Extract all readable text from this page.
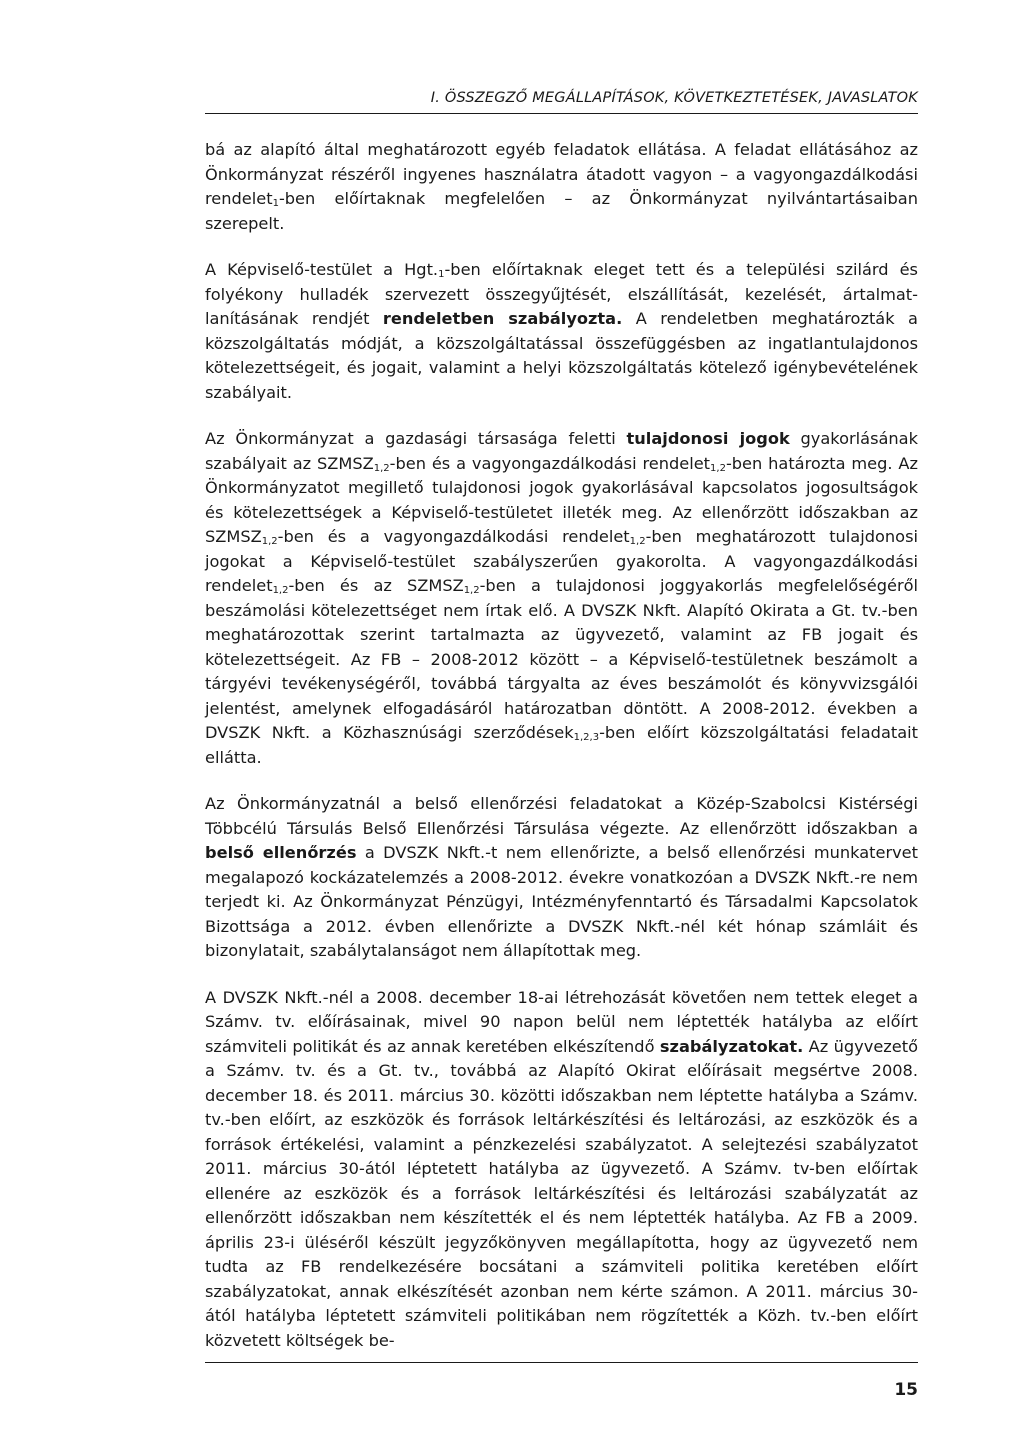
I. ÖSSZEGZŐ MEGÁLLAPÍTÁSOK, KÖVETKEZTETÉSEK, JAVASLATOK

bá az alapító által meghatározott egyéb feladatok ellátása. A feladat ellátásához az Önkormányzat részéről ingyenes használatra átadott vagyon – a vagyongazdálkodási rendelet$_1$-ben előírtaknak megfelelően – az Önkormányzat nyilvántartásaiban szerepelt.

A Képviselő-testület a $Hgt._1$-ben előírtaknak eleget tett és a települési szilárd és folyékony hulladék szervezett összegyűjtését, elszállítását, kezelését, ártalmatlanításának rendjét rendeletben szabályozta. A rendeletben meghatározták a közszolgáltatás módját, a közszolgáltatással összefüggésben az ingatlantulajdonos kötelezettségeit, és jogait, valamint a helyi közszolgáltatás kötelező igénybevételének szabályait.

Az Önkormányzat a gazdasági társasága feletti tulajdonosi jogok gyakorlásának szabályait az $SZMSZ_{1,2}$-ben és a vagyongazdálkodási rendelet$_{1,2}$-ben határozta meg. Az Önkormányzatot megillető tulajdonosi jogok gyakorlásával kapcsolatos jogosultságok és kötelezettségek a Képviselő-testületet illeték meg. Az ellenőrzött időszakban az $SZMSZ_{1,2}$-ben és a vagyongazdálkodási rendelet$_{1,2}$-ben meghatározott tulajdonosi jogokat a Képviselő-testület szabályszerűen gyakorolta. A vagyongazdálkodási rendelet$_{1,2}$-ben és az $SZMSZ_{1,2}$-ben a tulajdonosi joggyakorlás megfelelőségéről beszámolási kötelezettséget nem írtak elő. A DVSZK Nkft. Alapító Okirata a Gt. tv.-ben meghatározottak szerint tartalmazta az ügyvezető, valamint az FB jogait és kötelezettségeit. Az FB – 2008-2012 között – a Képviselő-testületnek beszámolt a tárgyévi tevékenységéről, továbbá tárgyalta az éves beszámolót és könyvvizsgálói jelentést, amelynek elfogadásáról határozatban döntött. A 2008-2012. években a DVSZK Nkft. a Közhasznúsági szerződések$_{1,2,3}$-ben előírt közszolgáltatási feladatait ellátta.

Az Önkormányzatnál a belső ellenőrzési feladatokat a Közép-Szabolcsi Kistérségi Többcélú Társulás Belső Ellenőrzési Társulása végezte. Az ellenőrzött időszakban a belső ellenőrzés a DVSZK Nkft.-t nem ellenőrizte, a belső ellenőrzési munkatervet megalapozó kockázatelemzés a 2008-2012. évekre vonatkozóan a DVSZK Nkft.-re nem terjedt ki. Az Önkormányzat Pénzügyi, Intézményfenntartó és Társadalmi Kapcsolatok Bizottsága a 2012. évben ellenőrizte a DVSZK Nkft.-nél két hónap számláit és bizonylatait, szabálytalanságot nem állapítottak meg.

A DVSZK Nkft.-nél a 2008. december 18-ai létrehozását követően nem tettek eleget a Számv. tv. előírásainak, mivel 90 napon belül nem léptették hatályba az előírt számviteli politikát és az annak keretében elkészítendő szabályzatokat. Az ügyvezető a Számv. tv. és a Gt. tv., továbbá az Alapító Okirat előírásait megsértve 2008. december 18. és 2011. március 30. közötti időszakban nem léptette hatályba a Számv. tv.-ben előírt, az eszközök és források leltárkészítési és leltározási, az eszközök és a források értékelési, valamint a pénzkezelési szabályzatot. A selejtezési szabályzatot 2011. március 30-ától léptetett hatályba az ügyvezető. A Számv. tv-ben előírtak ellenére az eszközök és a források leltárkészítési és leltározási szabályzatát az ellenőrzött időszakban nem készítették el és nem léptették hatályba. Az FB a 2009. április 23-i üléséről készült jegyzőkönyven megállapította, hogy az ügyvezető nem tudta az FB rendelkezésére bocsátani a számviteli politika keretében előírt szabályzatokat, annak elkészítését azonban nem kérte számon. A 2011. március 30-ától hatályba léptetett számviteli politikában nem rögzítették a Közh. tv.-ben előírt közvetett költségek be-

15
